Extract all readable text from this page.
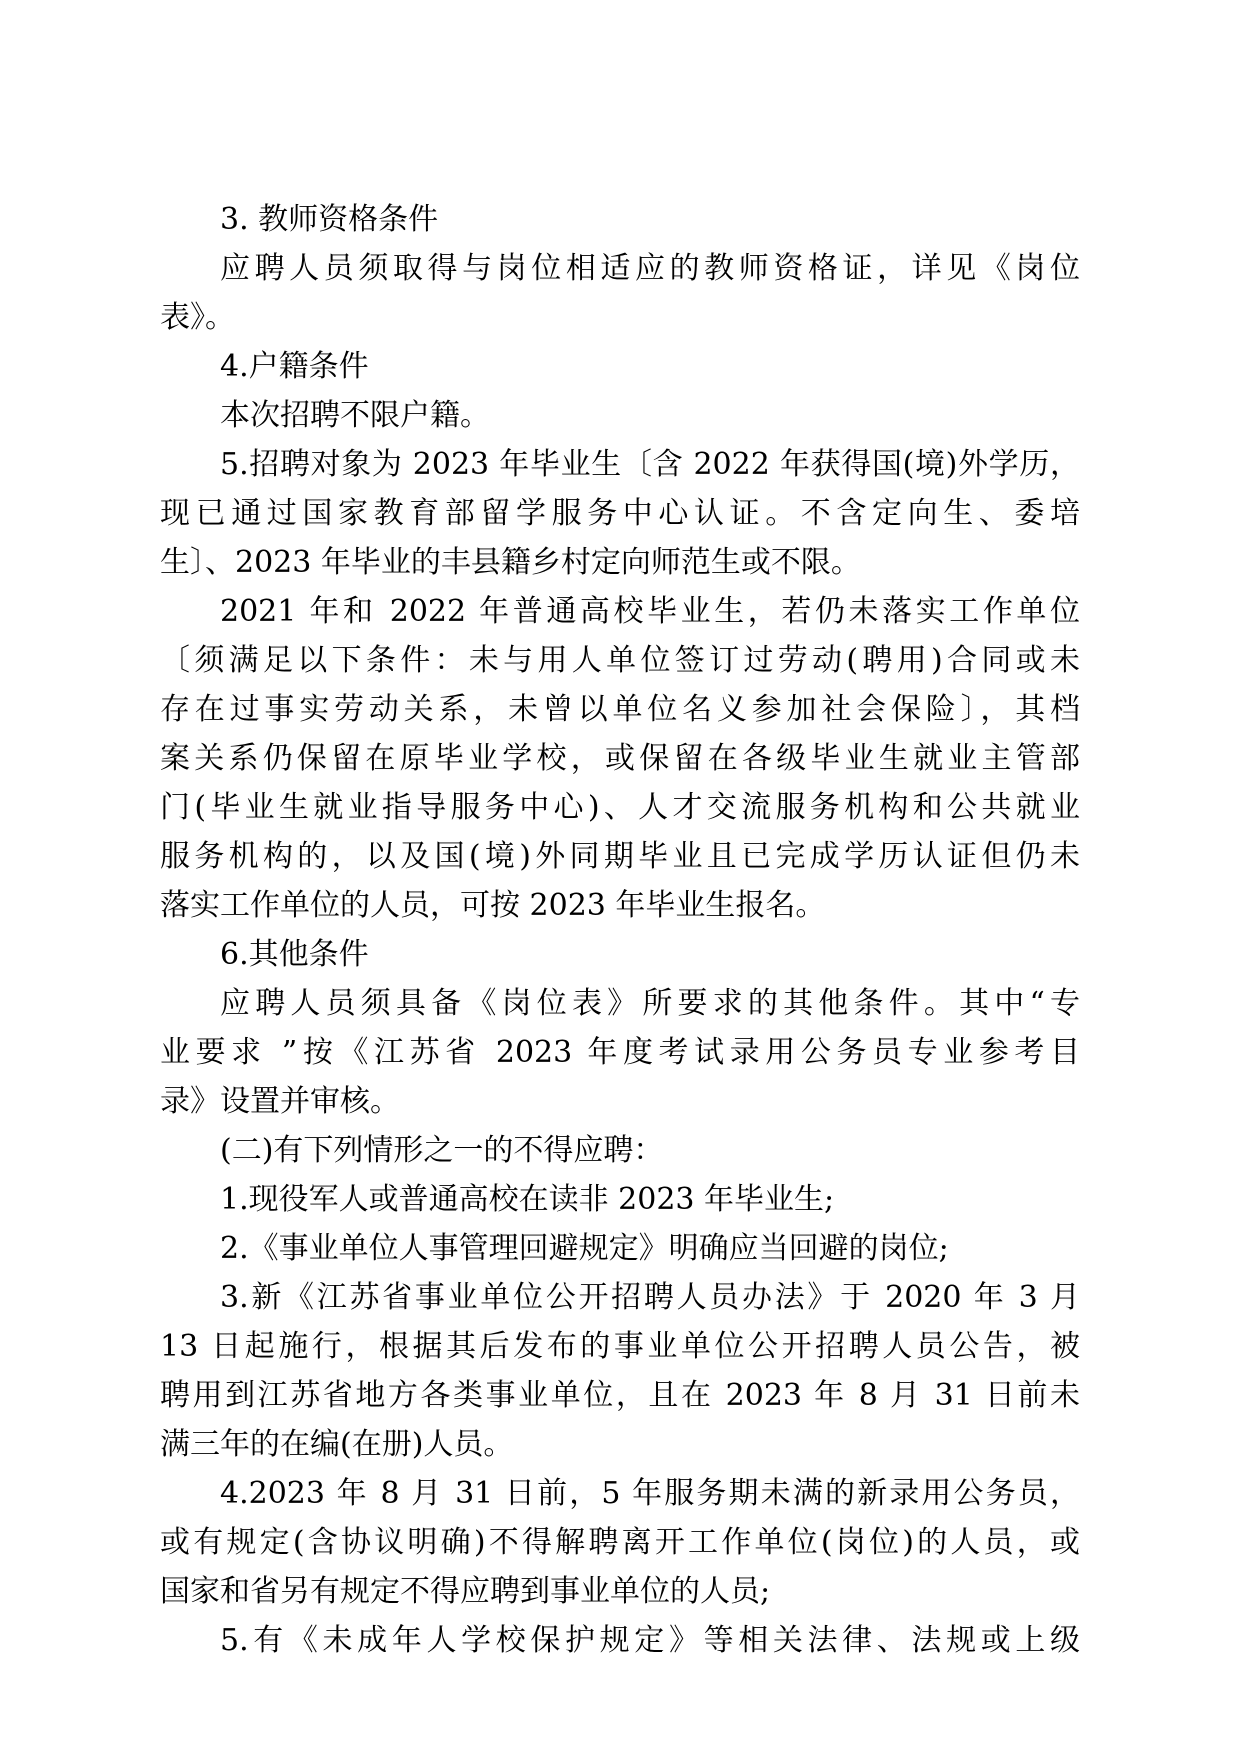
3. 教师资格条件
应聘人员须取得与岗位相适应的教师资格证，详见《岗位
表》。
4.户籍条件
本次招聘不限户籍。
5.招聘对象为 2023 年毕业生〔含 2022 年获得国(境)外学历，
现已通过国家教育部留学服务中心认证。不含定向生、委培
生〕、2023 年毕业的丰县籍乡村定向师范生或不限。
2021 年和 2022 年普通高校毕业生，若仍未落实工作单位
〔须满足以下条件：未与用人单位签订过劳动(聘用)合同或未
存在过事实劳动关系，未曾以单位名义参加社会保险〕，其档
案关系仍保留在原毕业学校，或保留在各级毕业生就业主管部
门(毕业生就业指导服务中心)、人才交流服务机构和公共就业
服务机构的，以及国(境)外同期毕业且已完成学历认证但仍未
落实工作单位的人员，可按 2023 年毕业生报名。
6.其他条件
应聘人员须具备《岗位表》所要求的其他条件。其中“专
业要求 ”按《江苏省 2023 年度考试录用公务员专业参考目
录》设置并审核。
(二)有下列情形之一的不得应聘：
1.现役军人或普通高校在读非 2023 年毕业生;
2.《事业单位人事管理回避规定》明确应当回避的岗位;
3.新《江苏省事业单位公开招聘人员办法》于 2020 年 3 月
13 日起施行，根据其后发布的事业单位公开招聘人员公告，被
聘用到江苏省地方各类事业单位，且在 2023 年 8 月 31 日前未
满三年的在编(在册)人员。
4.2023 年 8 月 31 日前，5 年服务期未满的新录用公务员，
或有规定(含协议明确)不得解聘离开工作单位(岗位)的人员，或
国家和省另有规定不得应聘到事业单位的人员;
5.有《未成年人学校保护规定》等相关法律、法规或上级
